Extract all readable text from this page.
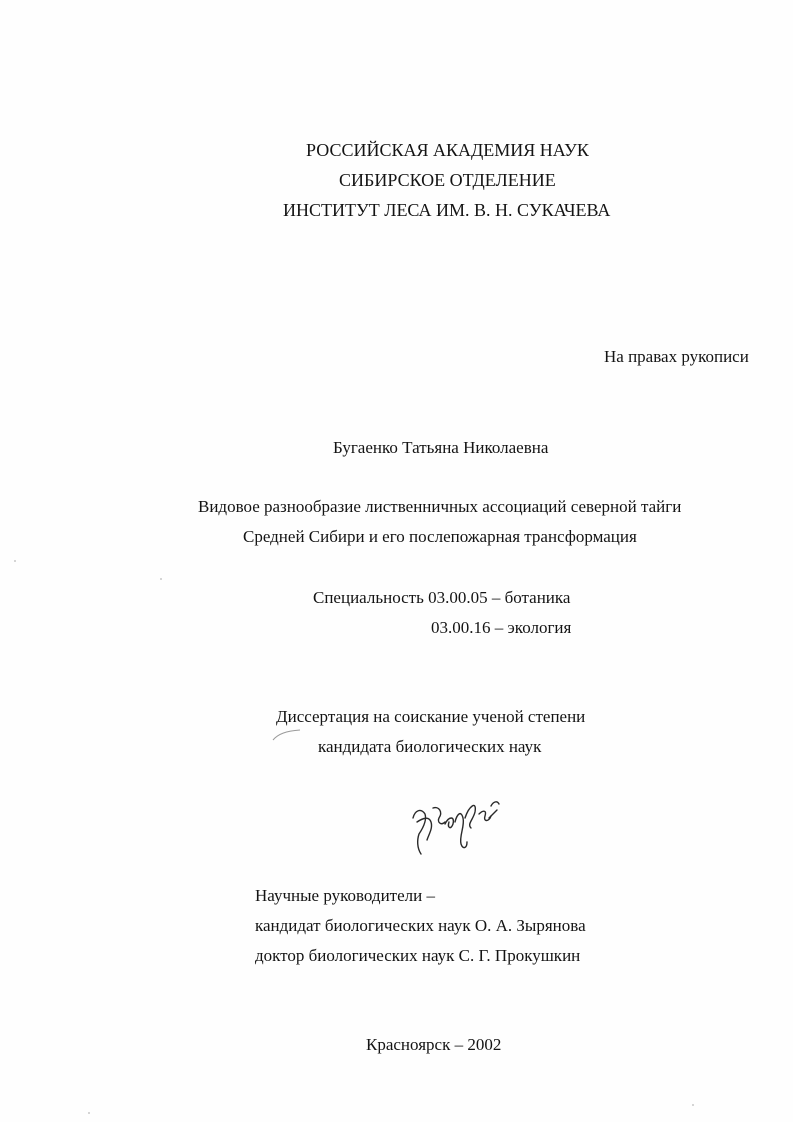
РОССИЙСКАЯ АКАДЕМИЯ НАУК
СИБИРСКОЕ ОТДЕЛЕНИЕ
ИНСТИТУТ ЛЕСА ИМ. В. Н. СУКАЧЕВА
На правах рукописи
Бугаенко Татьяна Николаевна
Видовое разнообразие лиственничных ассоциаций северной тайги
Средней Сибири и его послепожарная трансформация
Специальность 03.00.05 – ботаника
03.00.16 – экология
Диссертация на соискание ученой степени
кандидата биологических наук
Научные руководители –
кандидат биологических наук О. А. Зырянова
доктор биологических наук С. Г. Прокушкин
Красноярск – 2002
